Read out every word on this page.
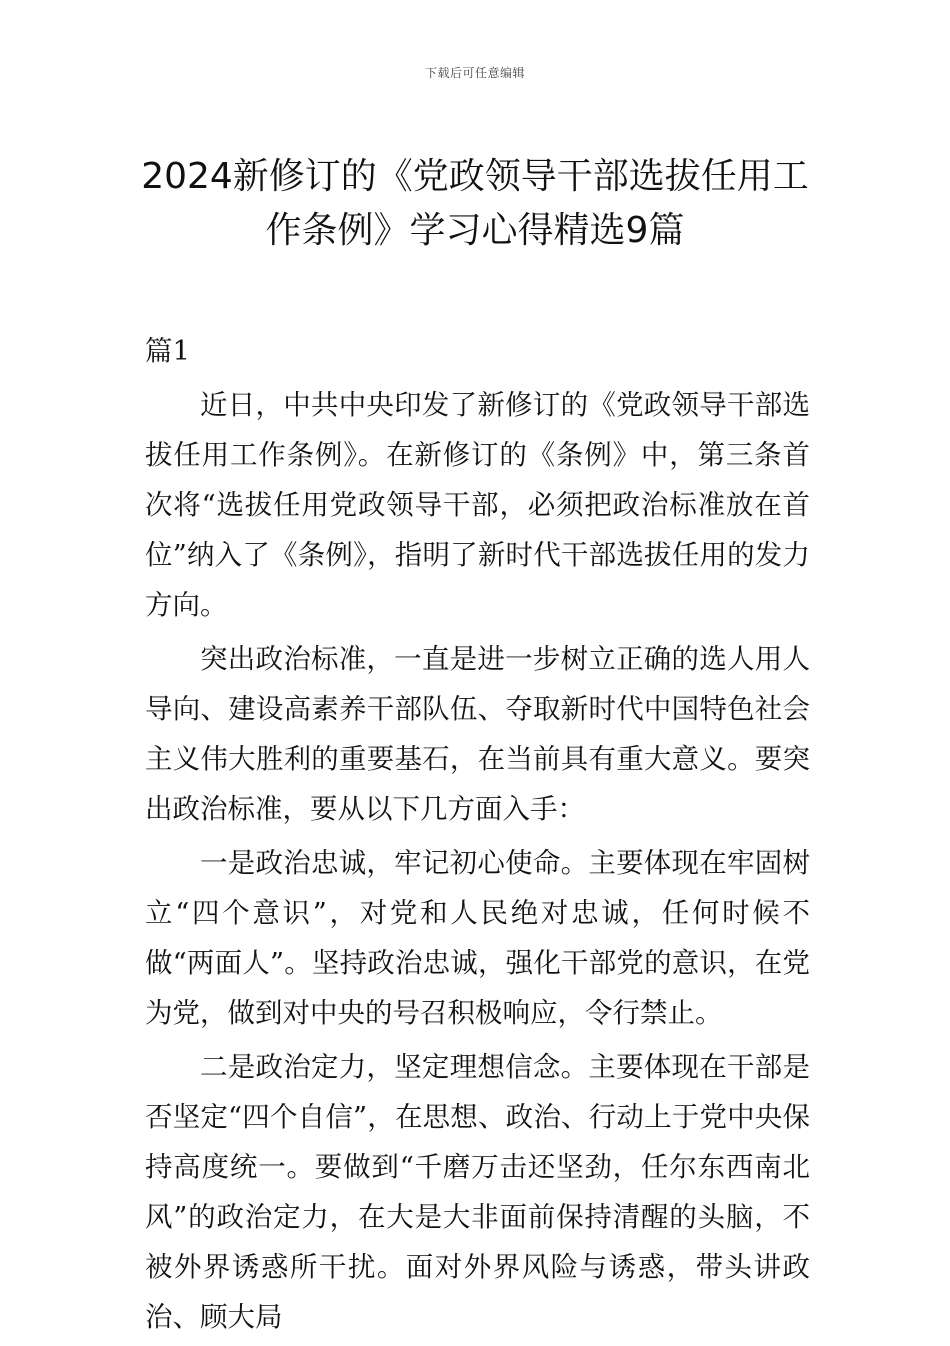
下载后可任意编辑
2024新修订的《党政领导干部选拔任用工
作条例》学习心得精选9篇

篇1

近日，中共中央印发了新修订的《党政领导干部选拔任用工作条例》。在新修订的《条例》中，第三条首次将“选拔任用党政领导干部，必须把政治标准放在首位”纳入了《条例》，指明了新时代干部选拔任用的发力方向。

突出政治标准，一直是进一步树立正确的选人用人导向、建设高素养干部队伍、夺取新时代中国特色社会主义伟大胜利的重要基石，在当前具有重大意义。要突出政治标准，要从以下几方面入手：

一是政治忠诚，牢记初心使命。主要体现在牢固树立“四个意识”，对党和人民绝对忠诚，任何时候不做“两面人”。坚持政治忠诚，强化干部党的意识，在党为党，做到对中央的号召积极响应，令行禁止。

二是政治定力，坚定理想信念。主要体现在干部是否坚定“四个自信”，在思想、政治、行动上于党中央保持高度统一。要做到“千磨万击还坚劲，任尔东西南北风”的政治定力，在大是大非面前保持清醒的头脑，不被外界诱惑所干扰。面对外界风险与诱惑，带头讲政治、顾大局
